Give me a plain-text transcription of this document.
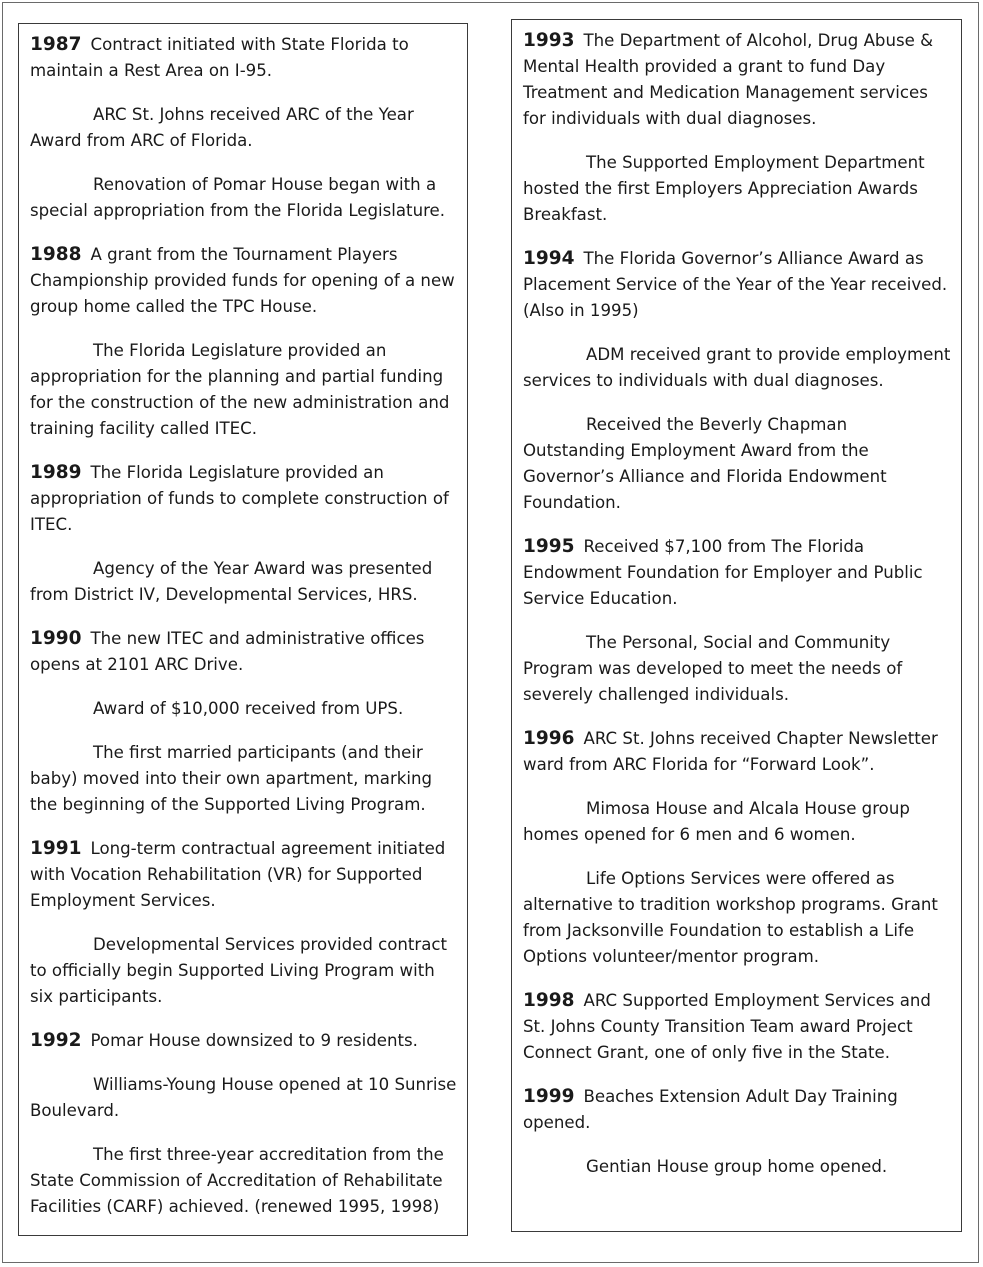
1987 Contract initiated with State Florida to maintain a Rest Area on I-95.

ARC St. Johns received ARC of the Year Award from ARC of Florida.

Renovation of Pomar House began with a special appropriation from the Florida Legislature.

1988 A grant from the Tournament Players Championship provided funds for opening of a new group home called the TPC House.

The Florida Legislature provided an appropriation for the planning and partial funding for the construction of the new administration and training facility called ITEC.

1989 The Florida Legislature provided an appropriation of funds to complete construction of ITEC.

Agency of the Year Award was presented from District IV, Developmental Services, HRS.

1990 The new ITEC and administrative offices opens at 2101 ARC Drive.

Award of $10,000 received from UPS.

The first married participants (and their baby) moved into their own apartment, marking the beginning of the Supported Living Program.

1991 Long-term contractual agreement initiated with Vocation Rehabilitation (VR) for Supported Employment Services.

Developmental Services provided contract to officially begin Supported Living Program with six participants.

1992 Pomar House downsized to 9 residents.

Williams-Young House opened at 10 Sunrise Boulevard.

The first three-year accreditation from the State Commission of Accreditation of Rehabilitate Facilities (CARF) achieved. (renewed 1995, 1998)

1993 The Department of Alcohol, Drug Abuse & Mental Health provided a grant to fund Day Treatment and Medication Management services for individuals with dual diagnoses.

The Supported Employment Department hosted the first Employers Appreciation Awards Breakfast.

1994 The Florida Governor’s Alliance Award as Placement Service of the Year of the Year received. (Also in 1995)

ADM received grant to provide employment services to individuals with dual diagnoses.

Received the Beverly Chapman Outstanding Employment Award from the Governor’s Alliance and Florida Endowment Foundation.

1995 Received $7,100 from The Florida Endowment Foundation for Employer and Public Service Education.

The Personal, Social and Community Program was developed to meet the needs of severely challenged individuals.

1996 ARC St. Johns received Chapter Newsletter ward from ARC Florida for “Forward Look”.

Mimosa House and Alcala House group homes opened for 6 men and 6 women.

Life Options Services were offered as alternative to tradition workshop programs. Grant from Jacksonville Foundation to establish a Life Options volunteer/mentor program.

1998 ARC Supported Employment Services and St. Johns County Transition Team award Project Connect Grant, one of only five in the State.

1999 Beaches Extension Adult Day Training opened.

Gentian House group home opened.
